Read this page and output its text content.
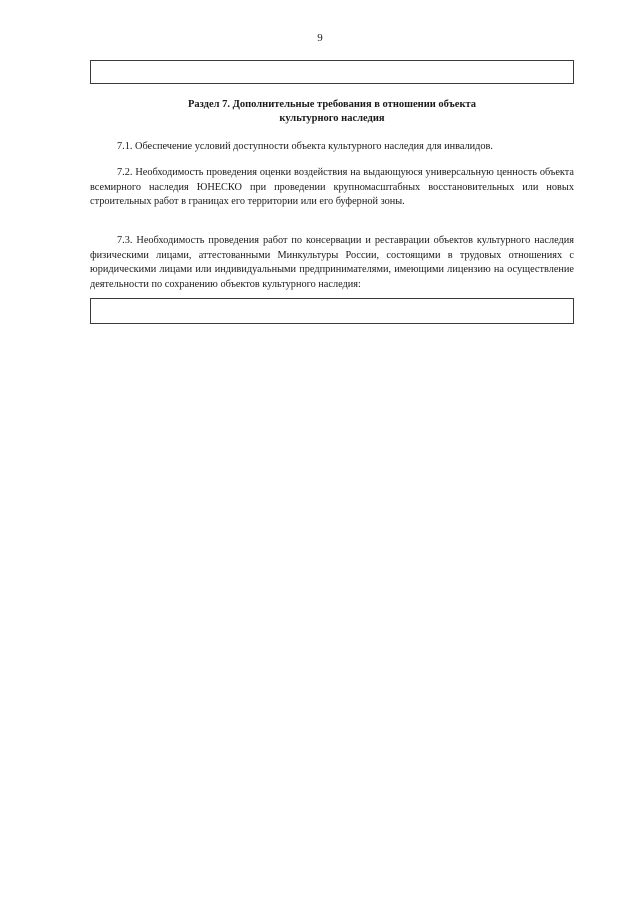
9
Раздел 7. Дополнительные требования в отношении объекта
культурного наследия

7.1. Обеспечение условий доступности объекта культурного наследия для инвалидов.

7.2. Необходимость проведения оценки воздействия на выдающуюся универсальную ценность объекта всемирного наследия ЮНЕСКО при проведении крупномасштабных восстановительных или новых строительных работ в границах его территории или его буферной зоны.

7.3. Необходимость проведения работ по консервации и реставрации объектов культурного наследия физическими лицами, аттестованными Минкультуры России, состоящими в трудовых отношениях с юридическими лицами или индивидуальными предпринимателями, имеющими лицензию на осуществление деятельности по сохранению объектов культурного наследия:
